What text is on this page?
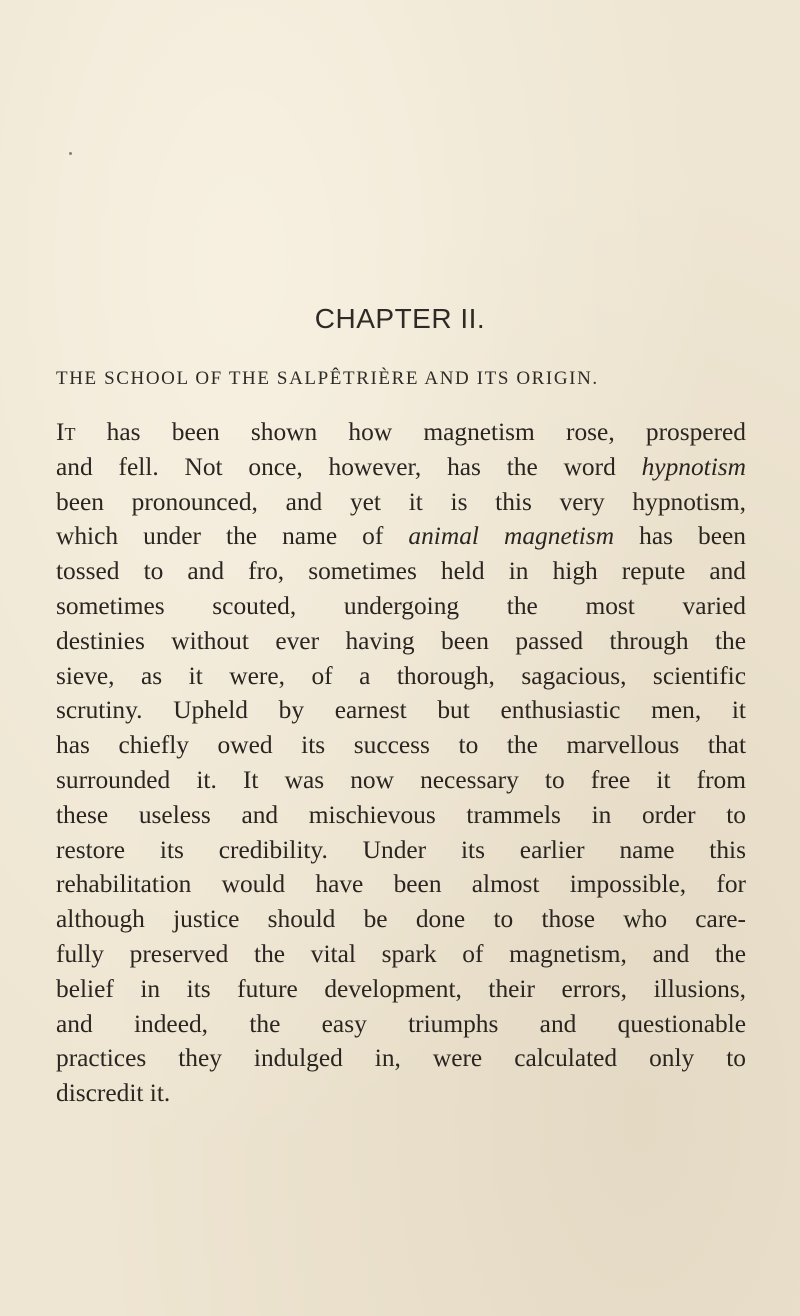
CHAPTER II.
THE SCHOOL OF THE SALPÊTRIÈRE AND ITS ORIGIN.
It has been shown how magnetism rose, prospered
and fell. Not once, however, has the word hypnotism
been pronounced, and yet it is this very hypnotism,
which under the name of animal magnetism has been
tossed to and fro, sometimes held in high repute and
sometimes scouted, undergoing the most varied
destinies without ever having been passed through the
sieve, as it were, of a thorough, sagacious, scientific
scrutiny. Upheld by earnest but enthusiastic men, it
has chiefly owed its success to the marvellous that
surrounded it. It was now necessary to free it from
these useless and mischievous trammels in order to
restore its credibility. Under its earlier name this
rehabilitation would have been almost impossible, for
although justice should be done to those who care-
fully preserved the vital spark of magnetism, and the
belief in its future development, their errors, illusions,
and indeed, the easy triumphs and questionable
practices they indulged in, were calculated only to
discredit it.
